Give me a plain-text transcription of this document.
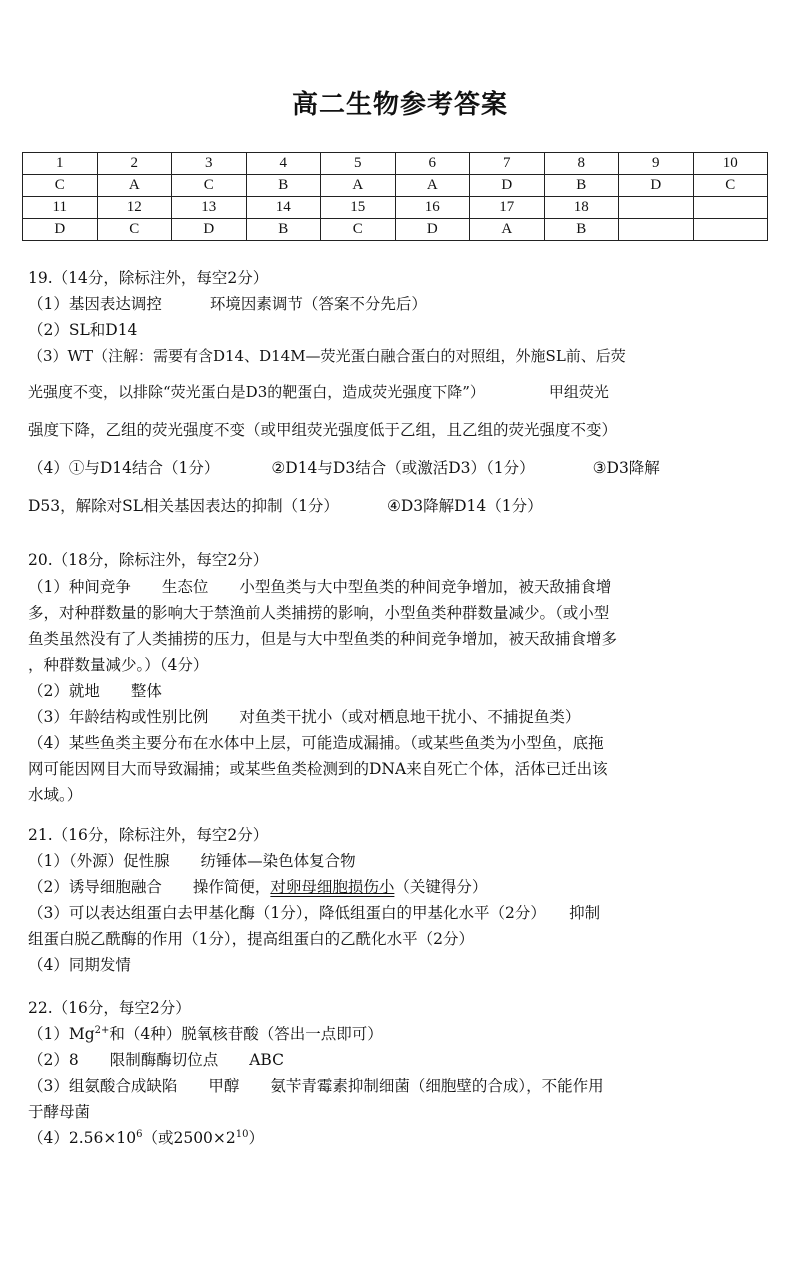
高二生物参考答案
1	2	3	4	5	6	7	8	9	10
C	A	C	B	A	A	D	B	D	C
11	12	13	14	15	16	17	18		
D	C	D	B	C	D	A	B		
19.（14分，除标注外，每空2分）
（1）基因表达调控	环境因素调节（答案不分先后）
（2）SL和D14
（3）WT（注解：需要有含D14、D14M—荧光蛋白融合蛋白的对照组，外施SL前、后荧
光强度不变，以排除“荧光蛋白是D3的靶蛋白，造成荧光强度下降”）	甲组荧光
强度下降，乙组的荧光强度不变（或甲组荧光强度低于乙组，且乙组的荧光强度不变）
（4）①与D14结合（1分）	②D14与D3结合（或激活D3）（1分）	③D3降解
D53，解除对SL相关基因表达的抑制（1分）	④D3降解D14（1分）
20.（18分，除标注外，每空2分）
（1）种间竞争　　生态位　　小型鱼类与大中型鱼类的种间竞争增加，被天敌捕食增
多，对种群数量的影响大于禁渔前人类捕捞的影响，小型鱼类种群数量减少。（或小型
鱼类虽然没有了人类捕捞的压力，但是与大中型鱼类的种间竞争增加，被天敌捕食增多
，种群数量减少。）（4分）
（2）就地　　整体
（3）年龄结构或性别比例　　对鱼类干扰小（或对栖息地干扰小、不捕捉鱼类）
（4）某些鱼类主要分布在水体中上层，可能造成漏捕。（或某些鱼类为小型鱼，底拖
网可能因网目大而导致漏捕；或某些鱼类检测到的DNA来自死亡个体，活体已迁出该
水域。）
21.（16分，除标注外，每空2分）
（1）（外源）促性腺　　纺锤体—染色体复合物
（2）诱导细胞融合　　操作简便，对卵母细胞损伤小（关键得分）
（3）可以表达组蛋白去甲基化酶（1分），降低组蛋白的甲基化水平（2分）　　抑制
组蛋白脱乙酰酶的作用（1分），提高组蛋白的乙酰化水平（2分）
（4）同期发情
22.（16分，每空2分）
$(1)Mg^{2+}$和（4种）脱氧核苷酸（答出一点即可）
（2）8　　限制酶酶切位点　　ABC
（3）组氨酸合成缺陷　　甲醇　　氨苄青霉素抑制细菌（细胞壁的合成），不能作用
于酵母菌
$(4)2.56\times 10^6$（或$2500\times 2^{10}$）
